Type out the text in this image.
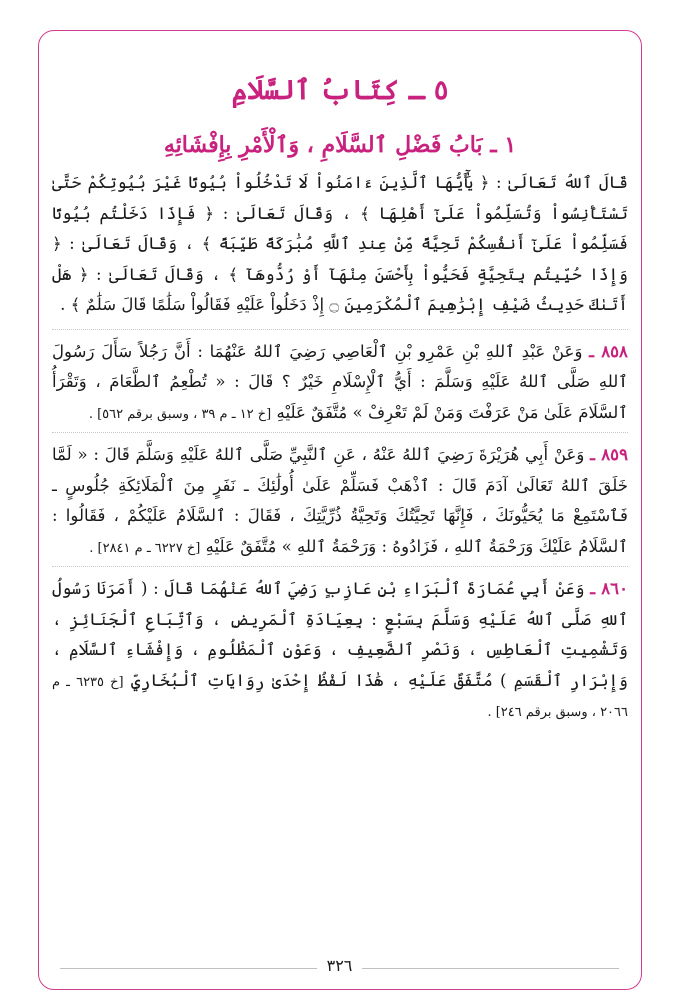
٥ ـ كِتَابُ ٱلسَّلَامِ
١ ـ بَابُ فَضْلِ ٱلسَّلَامِ ، وَٱلْأَمْرِ بِإِفْشَائِهِ

قَالَ ٱللهُ تَعَالَىٰ : ﴿ يَٰٓأَيُّهَا ٱلَّذِينَ ءَامَنُواْ لَا تَدْخُلُواْ بُيُوتًا غَيْرَ بُيُوتِكُمْ حَتَّىٰ تَسْتَأْنِسُواْ وَتُسَلِّمُواْ عَلَىٰٓ أَهْلِهَا ﴾ ، وَقَالَ تَعَالَىٰ : ﴿ فَإِذَا دَخَلْتُم بُيُوتًا فَسَلِّمُواْ عَلَىٰٓ أَنفُسِكُمْ تَحِيَّةً مِّنْ عِندِ ٱللَّهِ مُبَٰرَكَةً طَيِّبَةً ﴾ ، وَقَالَ تَعَالَىٰ : ﴿ وَإِذَا حُيِّيتُم بِتَحِيَّةٍ فَحَيُّواْ بِأَحْسَنَ مِنْهَآ أَوْ رُدُّوهَآ ﴾ ، وَقَالَ تَعَالَىٰ : ﴿ هَلْ أَتَىٰكَ حَدِيثُ ضَيْفِ إِبْرَٰهِيمَ ٱلْمُكْرَمِينَ ۝ إِذْ دَخَلُواْ عَلَيْهِ فَقَالُواْ سَلَٰمًا قَالَ سَلَٰمٌ ﴾ .

٨٥٨ ـ وَعَنْ عَبْدِ ٱللهِ بْنِ عَمْرِو بْنِ ٱلْعَاصِي رَضِيَ ٱللهُ عَنْهُمَا : أَنَّ رَجُلاً سَأَلَ رَسُولَ ٱللهِ صَلَّى ٱللهُ عَلَيْهِ وَسَلَّمَ : أَيُّ ٱلْإِسْلَامِ خَيْرٌ ؟ قَالَ : « تُطْعِمُ ٱلطَّعَامَ ، وَتَقْرَأُ ٱلسَّلَامَ عَلَىٰ مَنْ عَرَفْتَ وَمَنْ لَمْ تَعْرِفْ » مُتَّفَقٌ عَلَيْهِ [خ ١٢ ـ م ٣٩ ، وسبق برقم ٥٦٢] .

٨٥٩ ـ وَعَنْ أَبِي هُرَيْرَةَ رَضِيَ ٱللهُ عَنْهُ ، عَنِ ٱلنَّبِيِّ صَلَّى ٱللهُ عَلَيْهِ وَسَلَّمَ قَالَ : « لَمَّا خَلَقَ ٱللهُ تَعَالَىٰ آدَمَ قَالَ : ٱذْهَبْ فَسَلِّمْ عَلَىٰ أُولَٰئِكَ ـ نَفَرٍ مِنَ ٱلْمَلَائِكَةِ جُلُوسٍ ـ فَٱسْتَمِعْ مَا يُحَيُّونَكَ ، فَإِنَّهَا تَحِيَّتُكَ وَتَحِيَّةُ ذُرِّيَّتِكَ ، فَقَالَ : ٱلسَّلَامُ عَلَيْكُمْ ، فَقَالُوا : ٱلسَّلَامُ عَلَيْكَ وَرَحْمَةُ ٱللهِ ، فَزَادُوهُ : وَرَحْمَةُ ٱللهِ » مُتَّفَقٌ عَلَيْهِ [خ ٦٢٢٧ ـ م ٢٨٤١] .

٨٦٠ ـ وَعَنْ أَبِي عُمَارَةَ ٱلْبَرَاءِ بْنِ عَازِبٍ رَضِيَ ٱللهُ عَنْهُمَا قَالَ : ( أَمَرَنَا رَسُولُ ٱللهِ صَلَّى ٱللهُ عَلَيْهِ وَسَلَّمَ بِسَبْعٍ : بِعِيَادَةِ ٱلْمَرِيضِ ، وَٱتِّبَاعِ ٱلْجَنَائِزِ ، وَتَشْمِيتِ ٱلْعَاطِسِ ، وَنَصْرِ ٱلضَّعِيفِ ، وَعَوْنِ ٱلْمَظْلُومِ ، وَإِفْشَاءِ ٱلسَّلَامِ ، وَإِبْرَارِ ٱلْقَسَمِ ) مُتَّفَقٌ عَلَيْهِ ، هَٰذَا لَفْظُ إِحْدَىٰ رِوَايَاتِ ٱلْبُخَارِيِّ [خ ٦٢٣٥ ـ م ٢٠٦٦ ، وسبق برقم ٢٤٦] .

٣٢٦
